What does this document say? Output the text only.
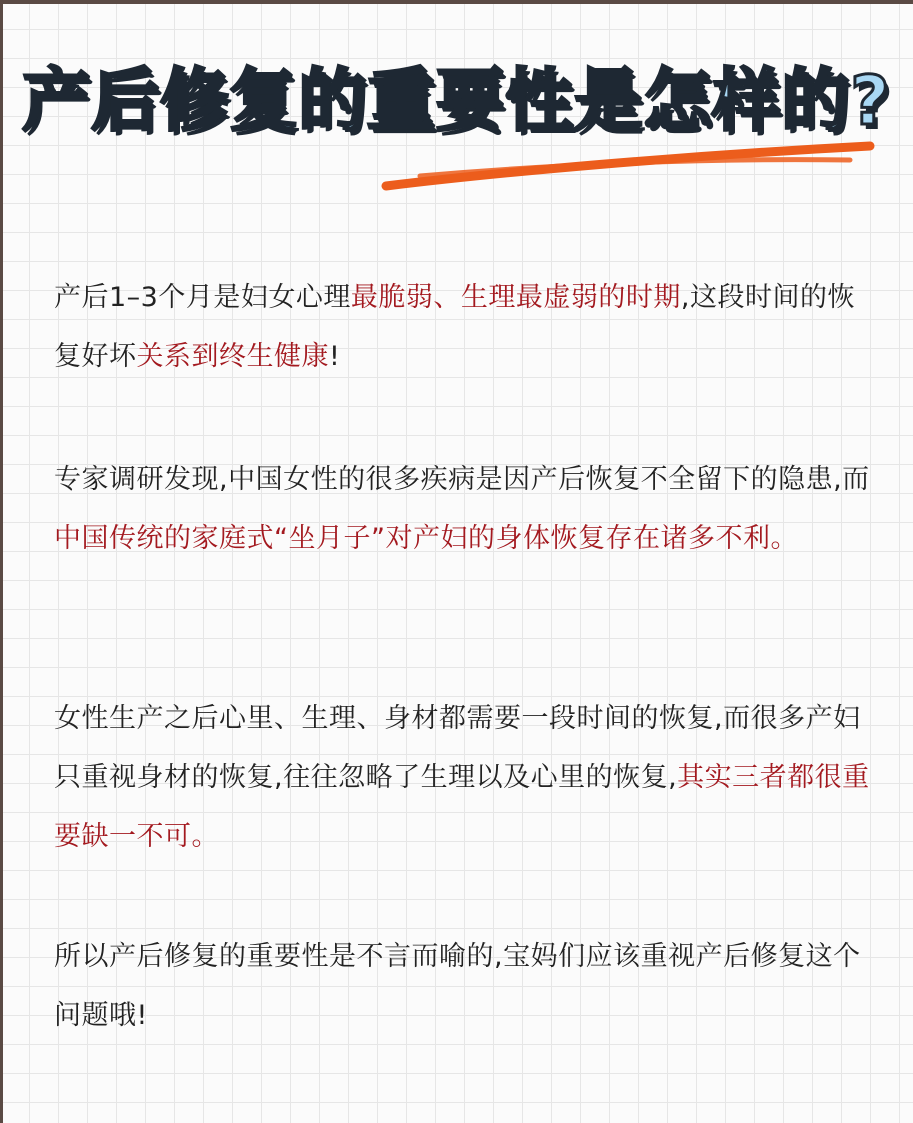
产后修复的重要性是怎样的?
产后1–3个月是妇女心理最脆弱、生理最虚弱的时期,这段时间的恢复好坏关系到终生健康!
专家调研发现,中国女性的很多疾病是因产后恢复不全留下的隐患,而中国传统的家庭式“坐月子”对产妇的身体恢复存在诸多不利。
女性生产之后心里、生理、身材都需要一段时间的恢复,而很多产妇只重视身材的恢复,往往忽略了生理以及心里的恢复,其实三者都很重要缺一不可。
所以产后修复的重要性是不言而喻的,宝妈们应该重视产后修复这个问题哦!
